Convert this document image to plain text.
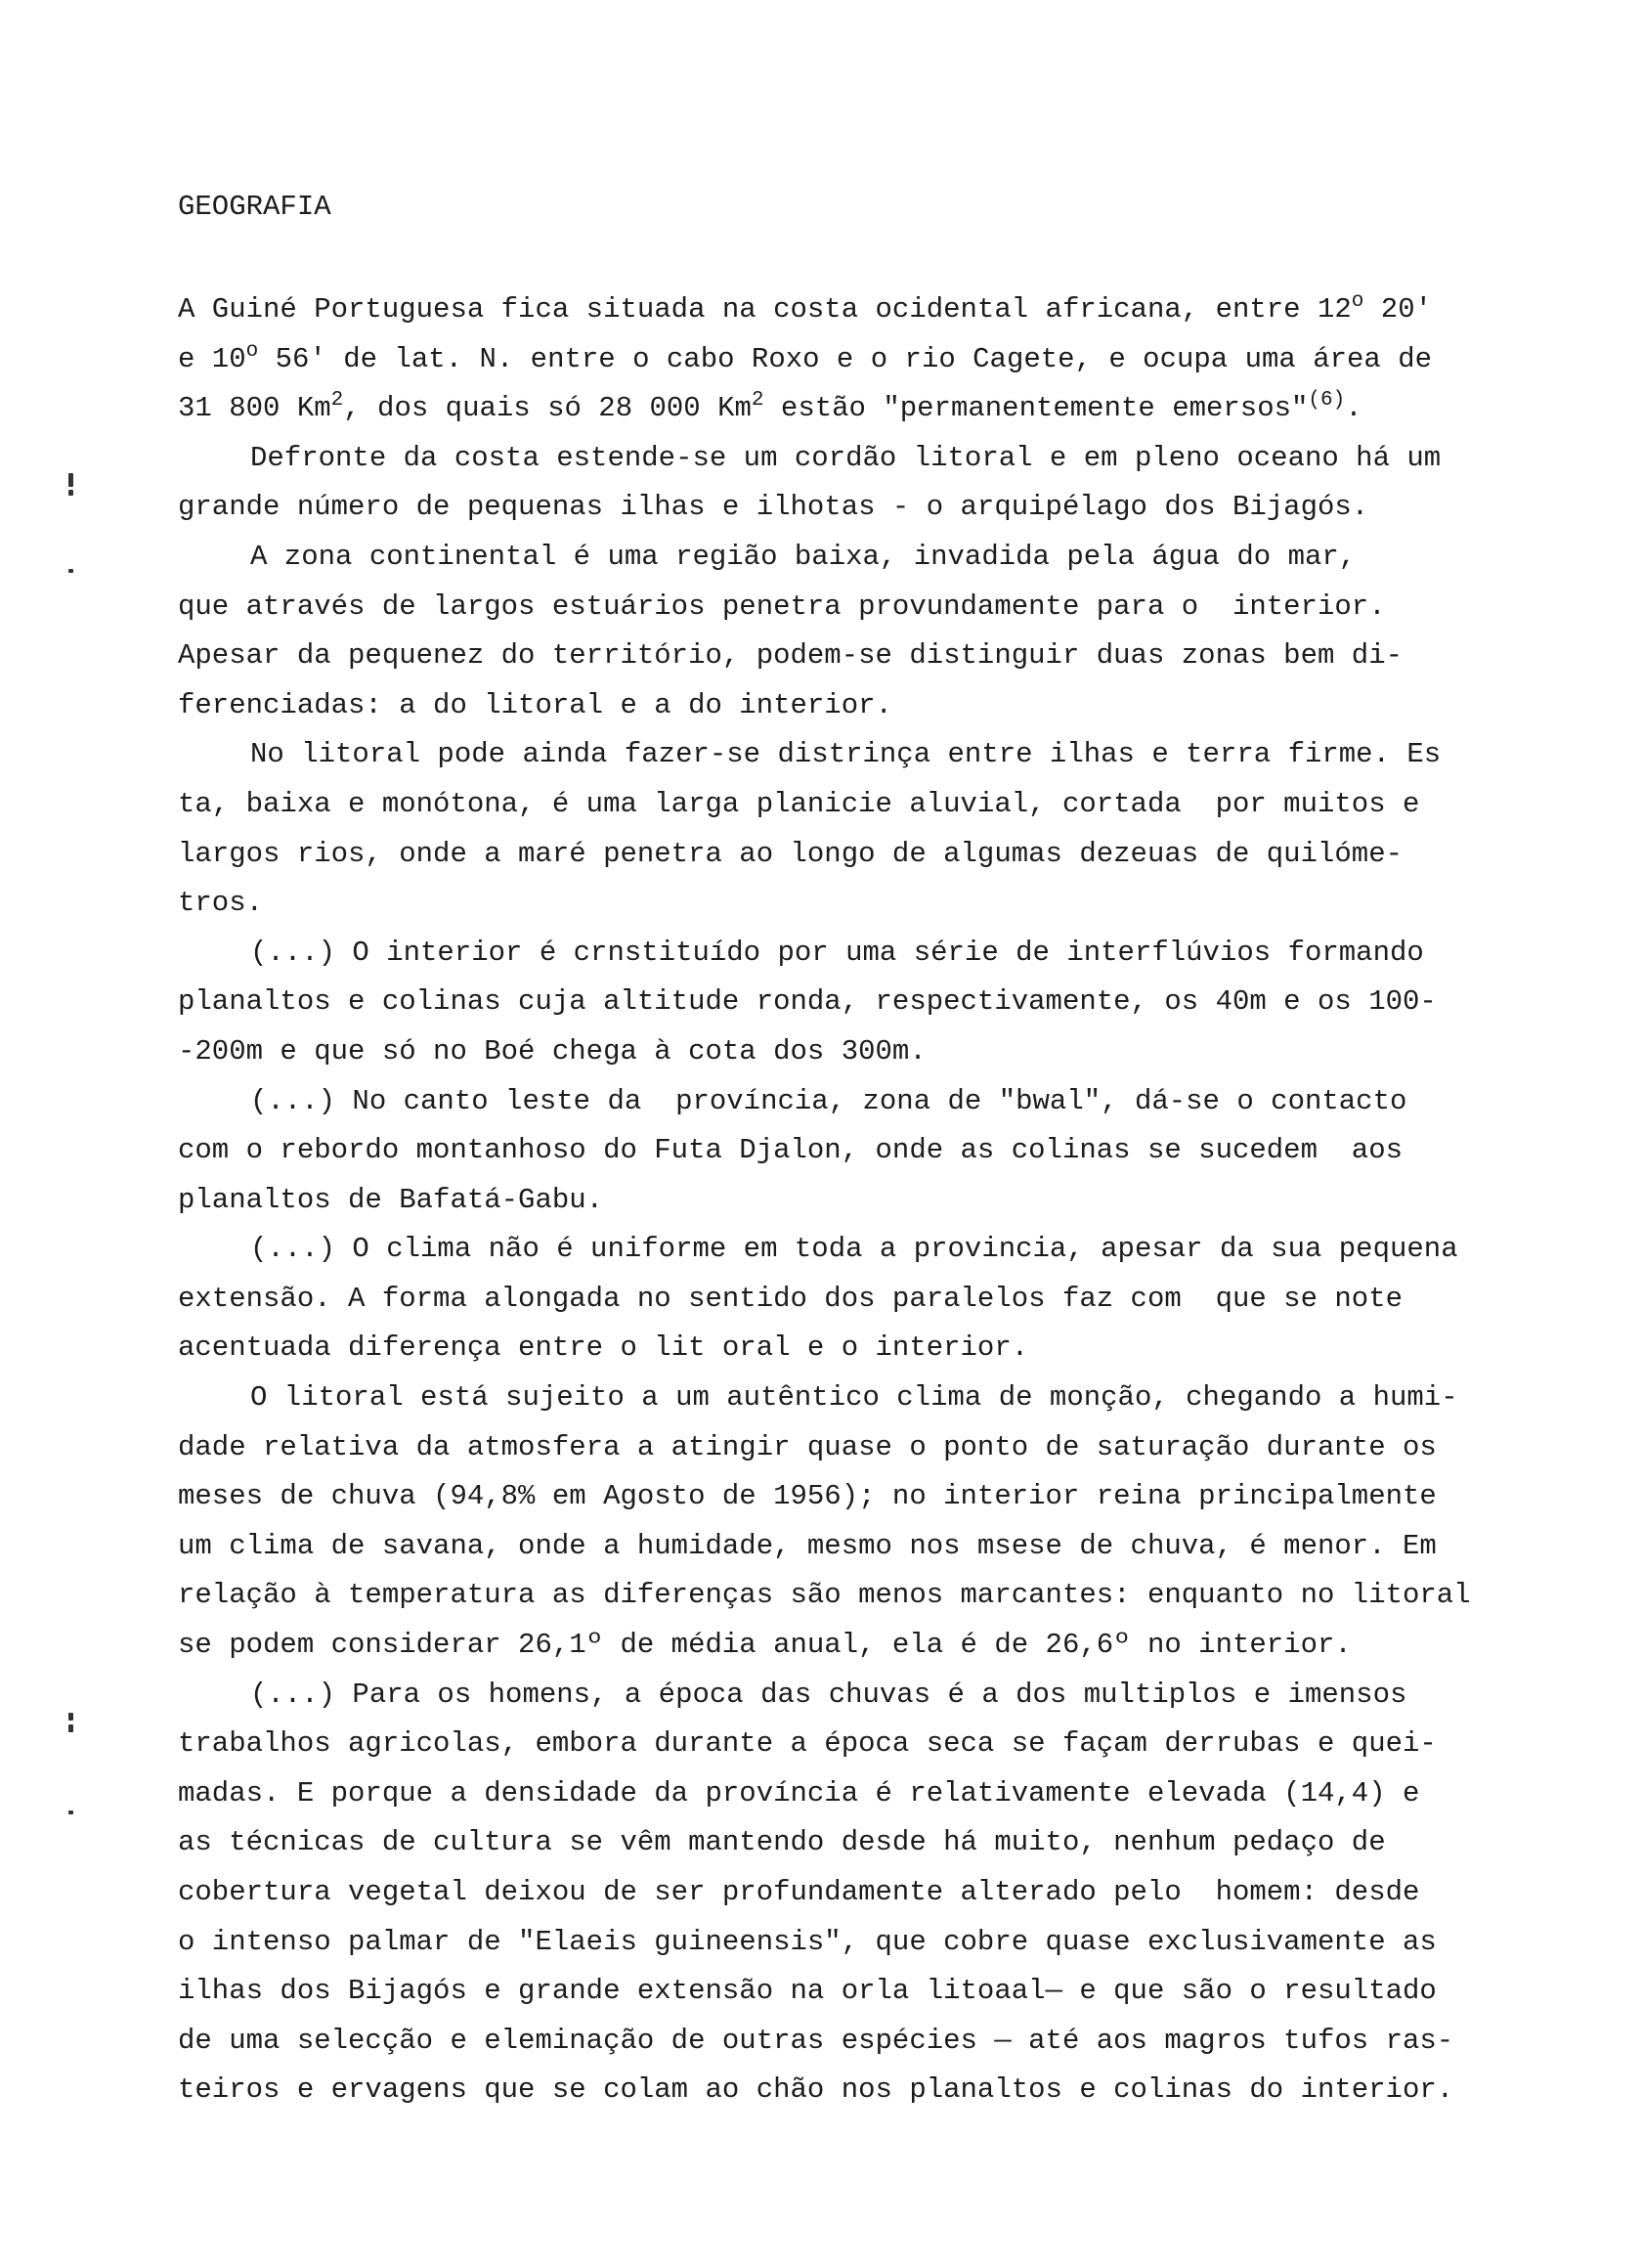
GEOGRAFIA
A Guiné Portuguesa fica situada na costa ocidental africana, entre 12$^o$ 20'
e 10$^o$ 56' de lat. N. entre o cabo Roxo e o rio Cagete, e ocupa uma área de
31 800 Km$^2$, dos quais só 28 000 Km$^2$ estão "permanentemente emersos"$^{(6)}$.
Defronte da costa estende-se um cordão litoral e em pleno oceano há um
grande número de pequenas ilhas e ilhotas - o arquipélago dos Bijagós.
A zona continental é uma região baixa, invadida pela água do mar,
que através de largos estuários penetra provundamente para o  interior.
Apesar da pequenez do território, podem-se distinguir duas zonas bem di-
ferenciadas: a do litoral e a do interior.
No litoral pode ainda fazer-se distrinça entre ilhas e terra firme. Es
ta, baixa e monótona, é uma larga planicie aluvial, cortada  por muitos e
largos rios, onde a maré penetra ao longo de algumas dezeuas de quilóme-
tros.
(...) O interior é crnstituído por uma série de interflúvios formando
planaltos e colinas cuja altitude ronda, respectivamente, os 40m e os 100-
-200m e que só no Boé chega à cota dos 300m.
(...) No canto leste da  província, zona de "bwal", dá-se o contacto
com o rebordo montanhoso do Futa Djalon, onde as colinas se sucedem  aos
planaltos de Bafatá-Gabu.
(...) O clima não é uniforme em toda a provincia, apesar da sua pequena
extensão. A forma alongada no sentido dos paralelos faz com  que se note
acentuada diferença entre o lit oral e o interior.
O litoral está sujeito a um autêntico clima de monção, chegando a humi-
dade relativa da atmosfera a atingir quase o ponto de saturação durante os
meses de chuva (94,8% em Agosto de 1956); no interior reina principalmente
um clima de savana, onde a humidade, mesmo nos msese de chuva, é menor. Em
relação à temperatura as diferenças são menos marcantes: enquanto no litoral
se podem considerar 26,1º de média anual, ela é de 26,6º no interior.
(...) Para os homens, a época das chuvas é a dos multiplos e imensos
trabalhos agricolas, embora durante a época seca se façam derrubas e quei-
madas. E porque a densidade da província é relativamente elevada (14,4) e
as técnicas de cultura se vêm mantendo desde há muito, nenhum pedaço de
cobertura vegetal deixou de ser profundamente alterado pelo  homem: desde
o intenso palmar de "Elaeis guineensis", que cobre quase exclusivamente as
ilhas dos Bijagós e grande extensão na orla litoaal— e que são o resultado
de uma selecção e eleminação de outras espécies — até aos magros tufos ras-
teiros e ervagens que se colam ao chão nos planaltos e colinas do interior.
